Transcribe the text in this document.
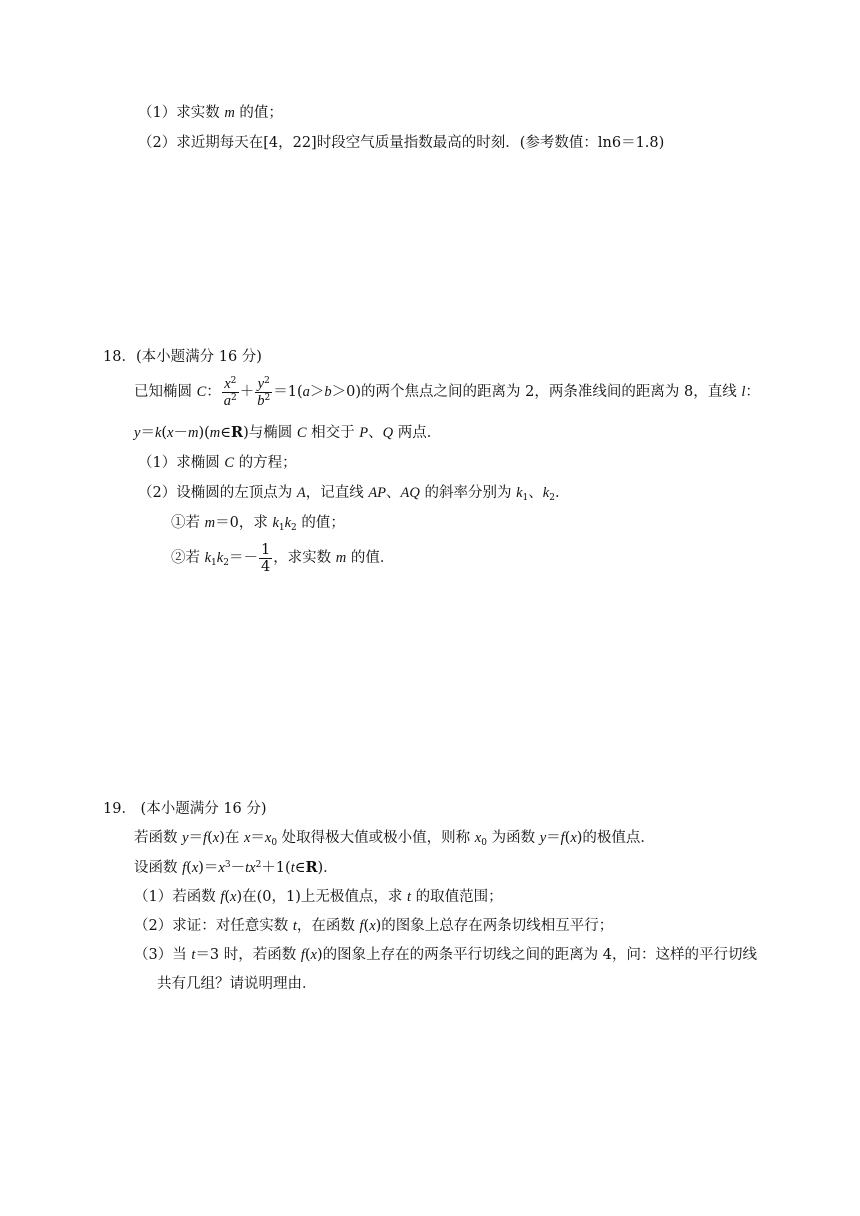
（1）求实数 m 的值；
（2）求近期每天在[4，22]时段空气质量指数最高的时刻．(参考数值：ln6＝1.8)
18．(本小题满分 16 分)
已知椭圆 C： $\frac{x^2}{a^2} + \frac{y^2}{b^2} =1(a>b>0)$的两个焦点之间的距离为 2，两条准线间的距离为 8，直线 l：
y＝k(x－m)(m∈R)与椭圆 C 相交于 P、Q 两点．
（1）求椭圆 C 的方程；
（2）设椭圆的左顶点为 A，记直线 AP、AQ 的斜率分别为 $k_1$、$k_2$．
①若 m＝0，求 $k_1k_2$ 的值；
②若 $k_1k_2=- \frac{1}{4}$ ，求实数 m 的值．
19． (本小题满分 16 分)
若函数 y＝f(x)在 $x=x_0$ 处取得极大值或极小值，则称 $x_0$ 为函数 y＝f(x)的极值点．
设函数 $f(x)=x^3-tx^2+1(t\in R)$．
（1）若函数 f(x)在(0，1)上无极值点，求 t 的取值范围；
（2）求证：对任意实数 t，在函数 f(x)的图象上总存在两条切线相互平行；
（3）当 t＝3 时，若函数 f(x)的图象上存在的两条平行切线之间的距离为 4，问：这样的平行切线
共有几组？请说明理由．
